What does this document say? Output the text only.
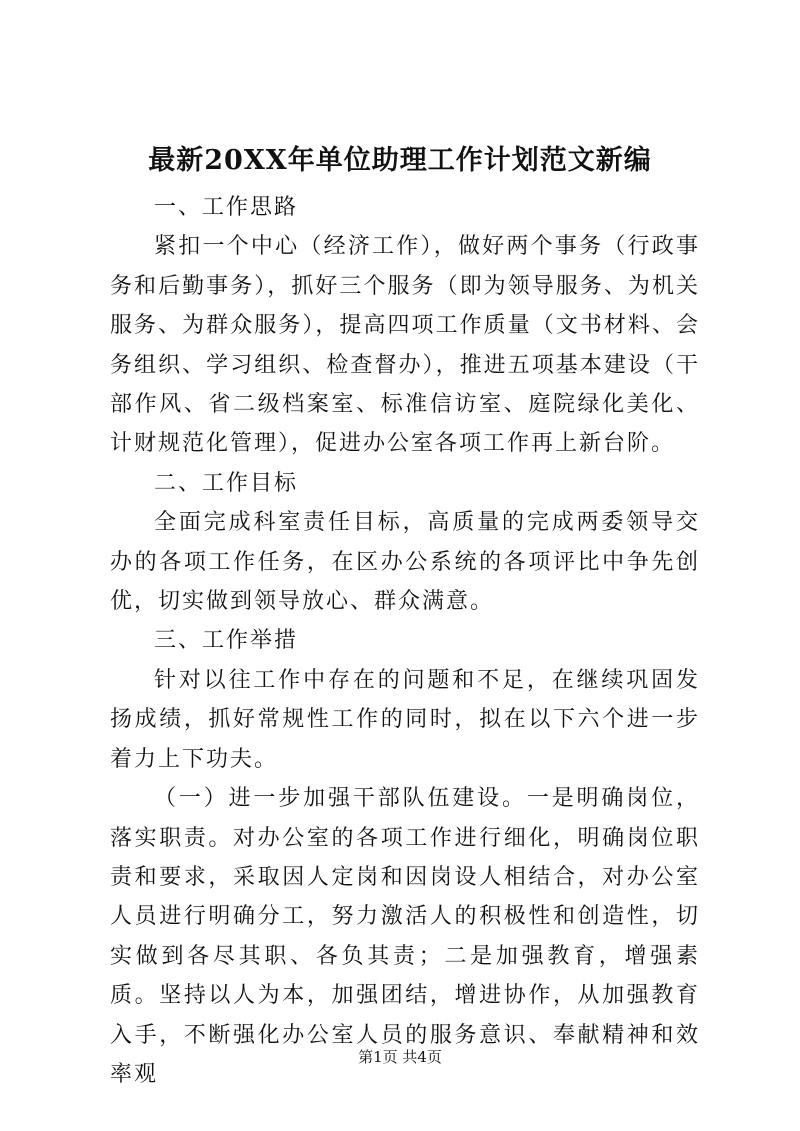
最新20XX年单位助理工作计划范文新编

一、工作思路

紧扣一个中心（经济工作），做好两个事务（行政事务和后勤事务），抓好三个服务（即为领导服务、为机关服务、为群众服务），提高四项工作质量（文书材料、会务组织、学习组织、检查督办），推进五项基本建设（干部作风、省二级档案室、标准信访室、庭院绿化美化、计财规范化管理），促进办公室各项工作再上新台阶。

二、工作目标

全面完成科室责任目标，高质量的完成两委领导交办的各项工作任务，在区办公系统的各项评比中争先创优，切实做到领导放心、群众满意。

三、工作举措

针对以往工作中存在的问题和不足，在继续巩固发扬成绩，抓好常规性工作的同时，拟在以下六个进一步着力上下功夫。

（一）进一步加强干部队伍建设。一是明确岗位，落实职责。对办公室的各项工作进行细化，明确岗位职责和要求，采取因人定岗和因岗设人相结合，对办公室人员进行明确分工，努力激活人的积极性和创造性，切实做到各尽其职、各负其责；二是加强教育，增强素质。坚持以人为本，加强团结，增进协作，从加强教育入手，不断强化办公室人员的服务意识、奉献精神和效率观

第1页 共4页
